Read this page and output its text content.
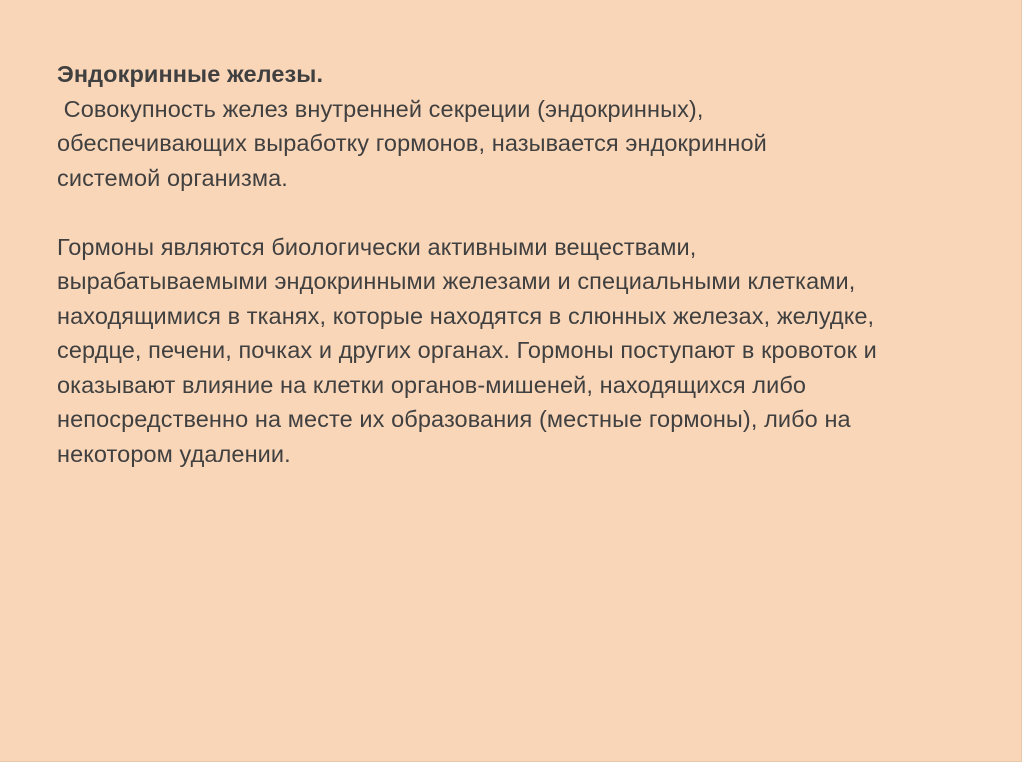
Эндокринные железы.

Совокупность желез внутренней секреции (эндокринных),

обеспечивающих выработку гормонов, называется эндокринной

системой организма.

Гормоны являются биологически активными веществами,

вырабатываемыми эндокринными железами и специальными клетками,

находящимися в тканях, которые находятся в слюнных железах, желудке,

сердце, печени, почках и других органах. Гормоны поступают в кровоток и

оказывают влияние на клетки органов-мишеней, находящихся либо

непосредственно на месте их образования (местные гормоны), либо на

некотором удалении.
